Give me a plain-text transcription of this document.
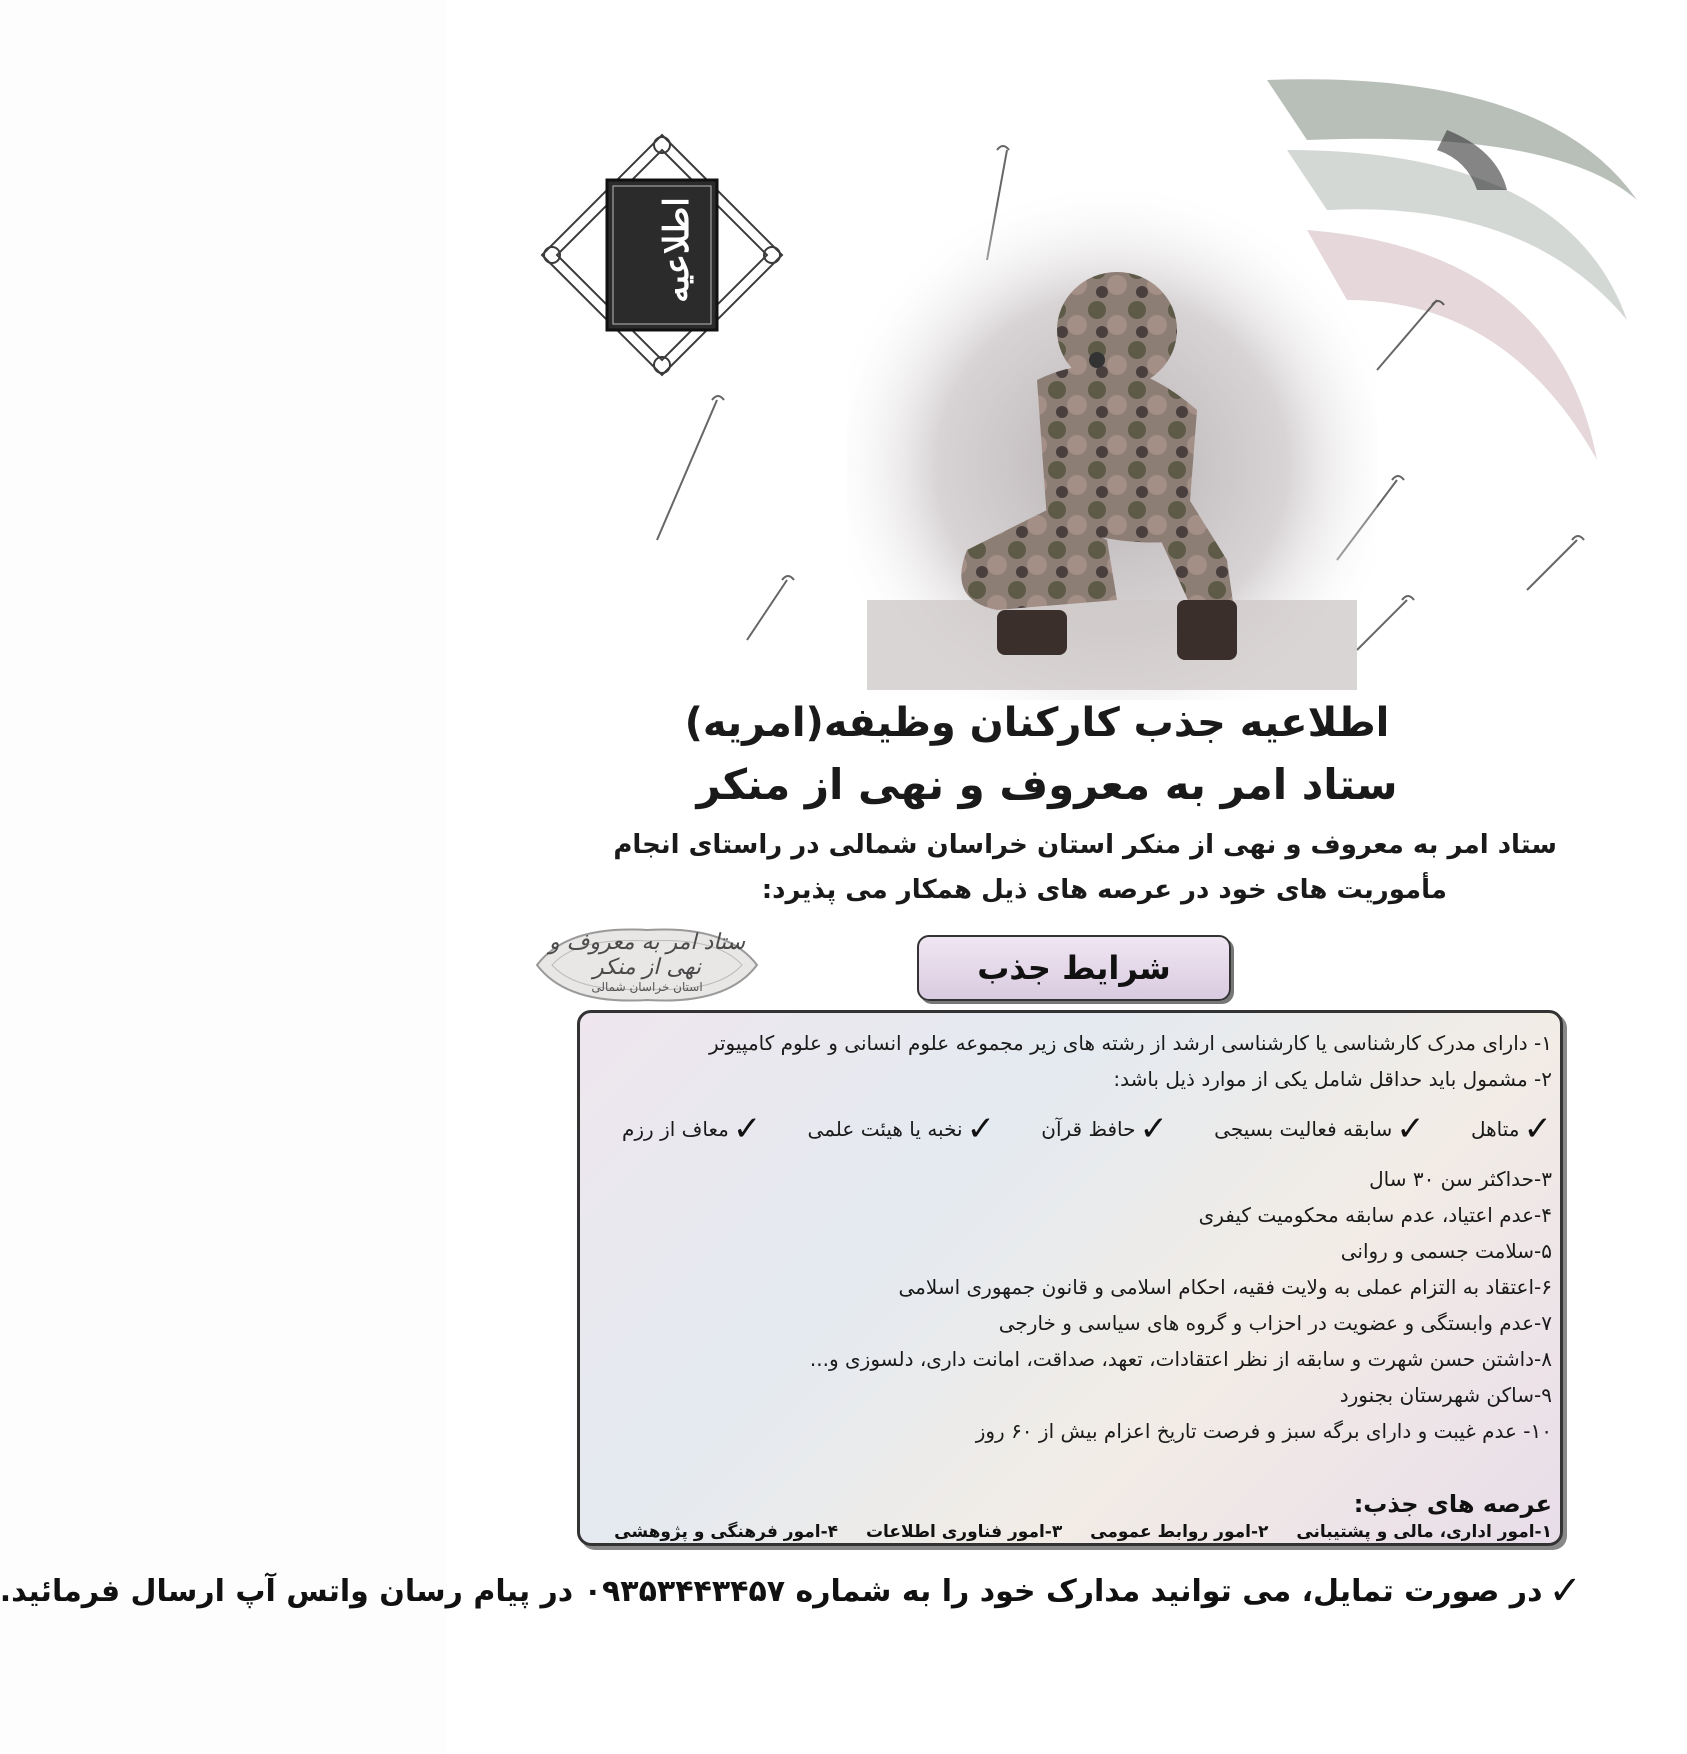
اطلاعیه

اطلاعیه جذب کارکنان وظیفه(امریه)

ستاد امر به معروف و نهی از منکر

ستاد امر به معروف و نهی از منکر استان خراسان شمالی در راستای انجام

مأموریت های خود در عرصه های ذیل همکار می پذیرد:

ستاد امر به معروف و نهی از منکر
استان خراسان شمالی	شرایط جذب
۱- دارای مدرک کارشناسی یا کارشناسی ارشد از رشته های زیر مجموعه علوم انسانی و علوم کامپیوتر
۲- مشمول باید حداقل شامل یکی از موارد ذیل باشد:
✓
متاهل
✓
سابقه فعالیت بسیجی
✓
حافظ قرآن
✓
نخبه یا هیئت علمی
✓
معاف از رزم
۳-حداکثر سن ۳۰ سال
۴-عدم اعتیاد، عدم سابقه محکومیت کیفری
۵-سلامت جسمی و روانی
۶-اعتقاد به التزام عملی به ولایت فقیه، احکام اسلامی و قانون جمهوری اسلامی
۷-عدم وابستگی و عضویت در احزاب و گروه های سیاسی و خارجی
۸-داشتن حسن شهرت و سابقه از نظر اعتقادات، تعهد، صداقت، امانت داری، دلسوزی و...
۹-ساکن شهرستان بجنورد
۱۰- عدم غیبت و دارای برگه سبز و فرصت تاریخ اعزام بیش از ۶۰ روز

عرصه های جذب:

۱-امور اداری، مالی و پشتیبانی ۲-امور روابط عمومی ۳-امور فناوری اطلاعات ۴-امور فرهنگی و پژوهشی
✓
در صورت تمایل، می توانید مدارک خود را به شماره ۰۹۳۵۳۴۴۳۴۵۷ در پیام رسان واتس آپ ارسال فرمائید.
